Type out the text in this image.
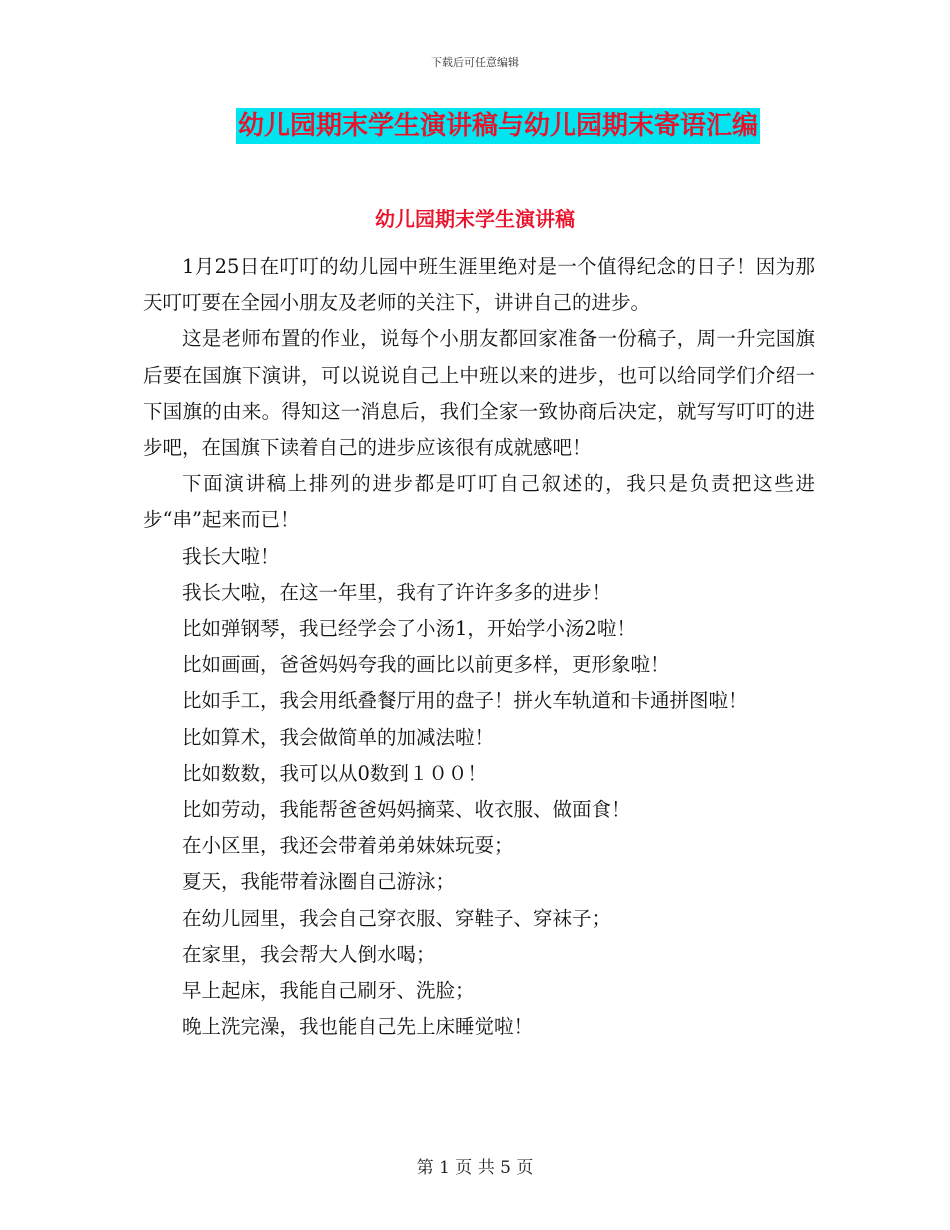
下载后可任意编辑
幼儿园期末学生演讲稿与幼儿园期末寄语汇编
幼儿园期末学生演讲稿

1月25日在叮叮的幼儿园中班生涯里绝对是一个值得纪念的日子！因为那天叮叮要在全园小朋友及老师的关注下，讲讲自己的进步。

这是老师布置的作业，说每个小朋友都回家准备一份稿子，周一升完国旗后要在国旗下演讲，可以说说自己上中班以来的进步，也可以给同学们介绍一下国旗的由来。得知这一消息后，我们全家一致协商后决定，就写写叮叮的进步吧，在国旗下读着自己的进步应该很有成就感吧！

下面演讲稿上排列的进步都是叮叮自己叙述的，我只是负责把这些进步“串”起来而已！

我长大啦！

我长大啦，在这一年里，我有了许许多多的进步！

比如弹钢琴，我已经学会了小汤1，开始学小汤2啦！

比如画画，爸爸妈妈夸我的画比以前更多样，更形象啦！

比如手工，我会用纸叠餐厅用的盘子！拼火车轨道和卡通拼图啦！

比如算术，我会做简单的加减法啦！

比如数数，我可以从0数到１００！

比如劳动，我能帮爸爸妈妈摘菜、收衣服、做面食！

在小区里，我还会带着弟弟妹妹玩耍；

夏天，我能带着泳圈自己游泳；

在幼儿园里，我会自己穿衣服、穿鞋子、穿袜子；

在家里，我会帮大人倒水喝；

早上起床，我能自己刷牙、洗脸；

晚上洗完澡，我也能自己先上床睡觉啦！

第 1 页 共 5 页
